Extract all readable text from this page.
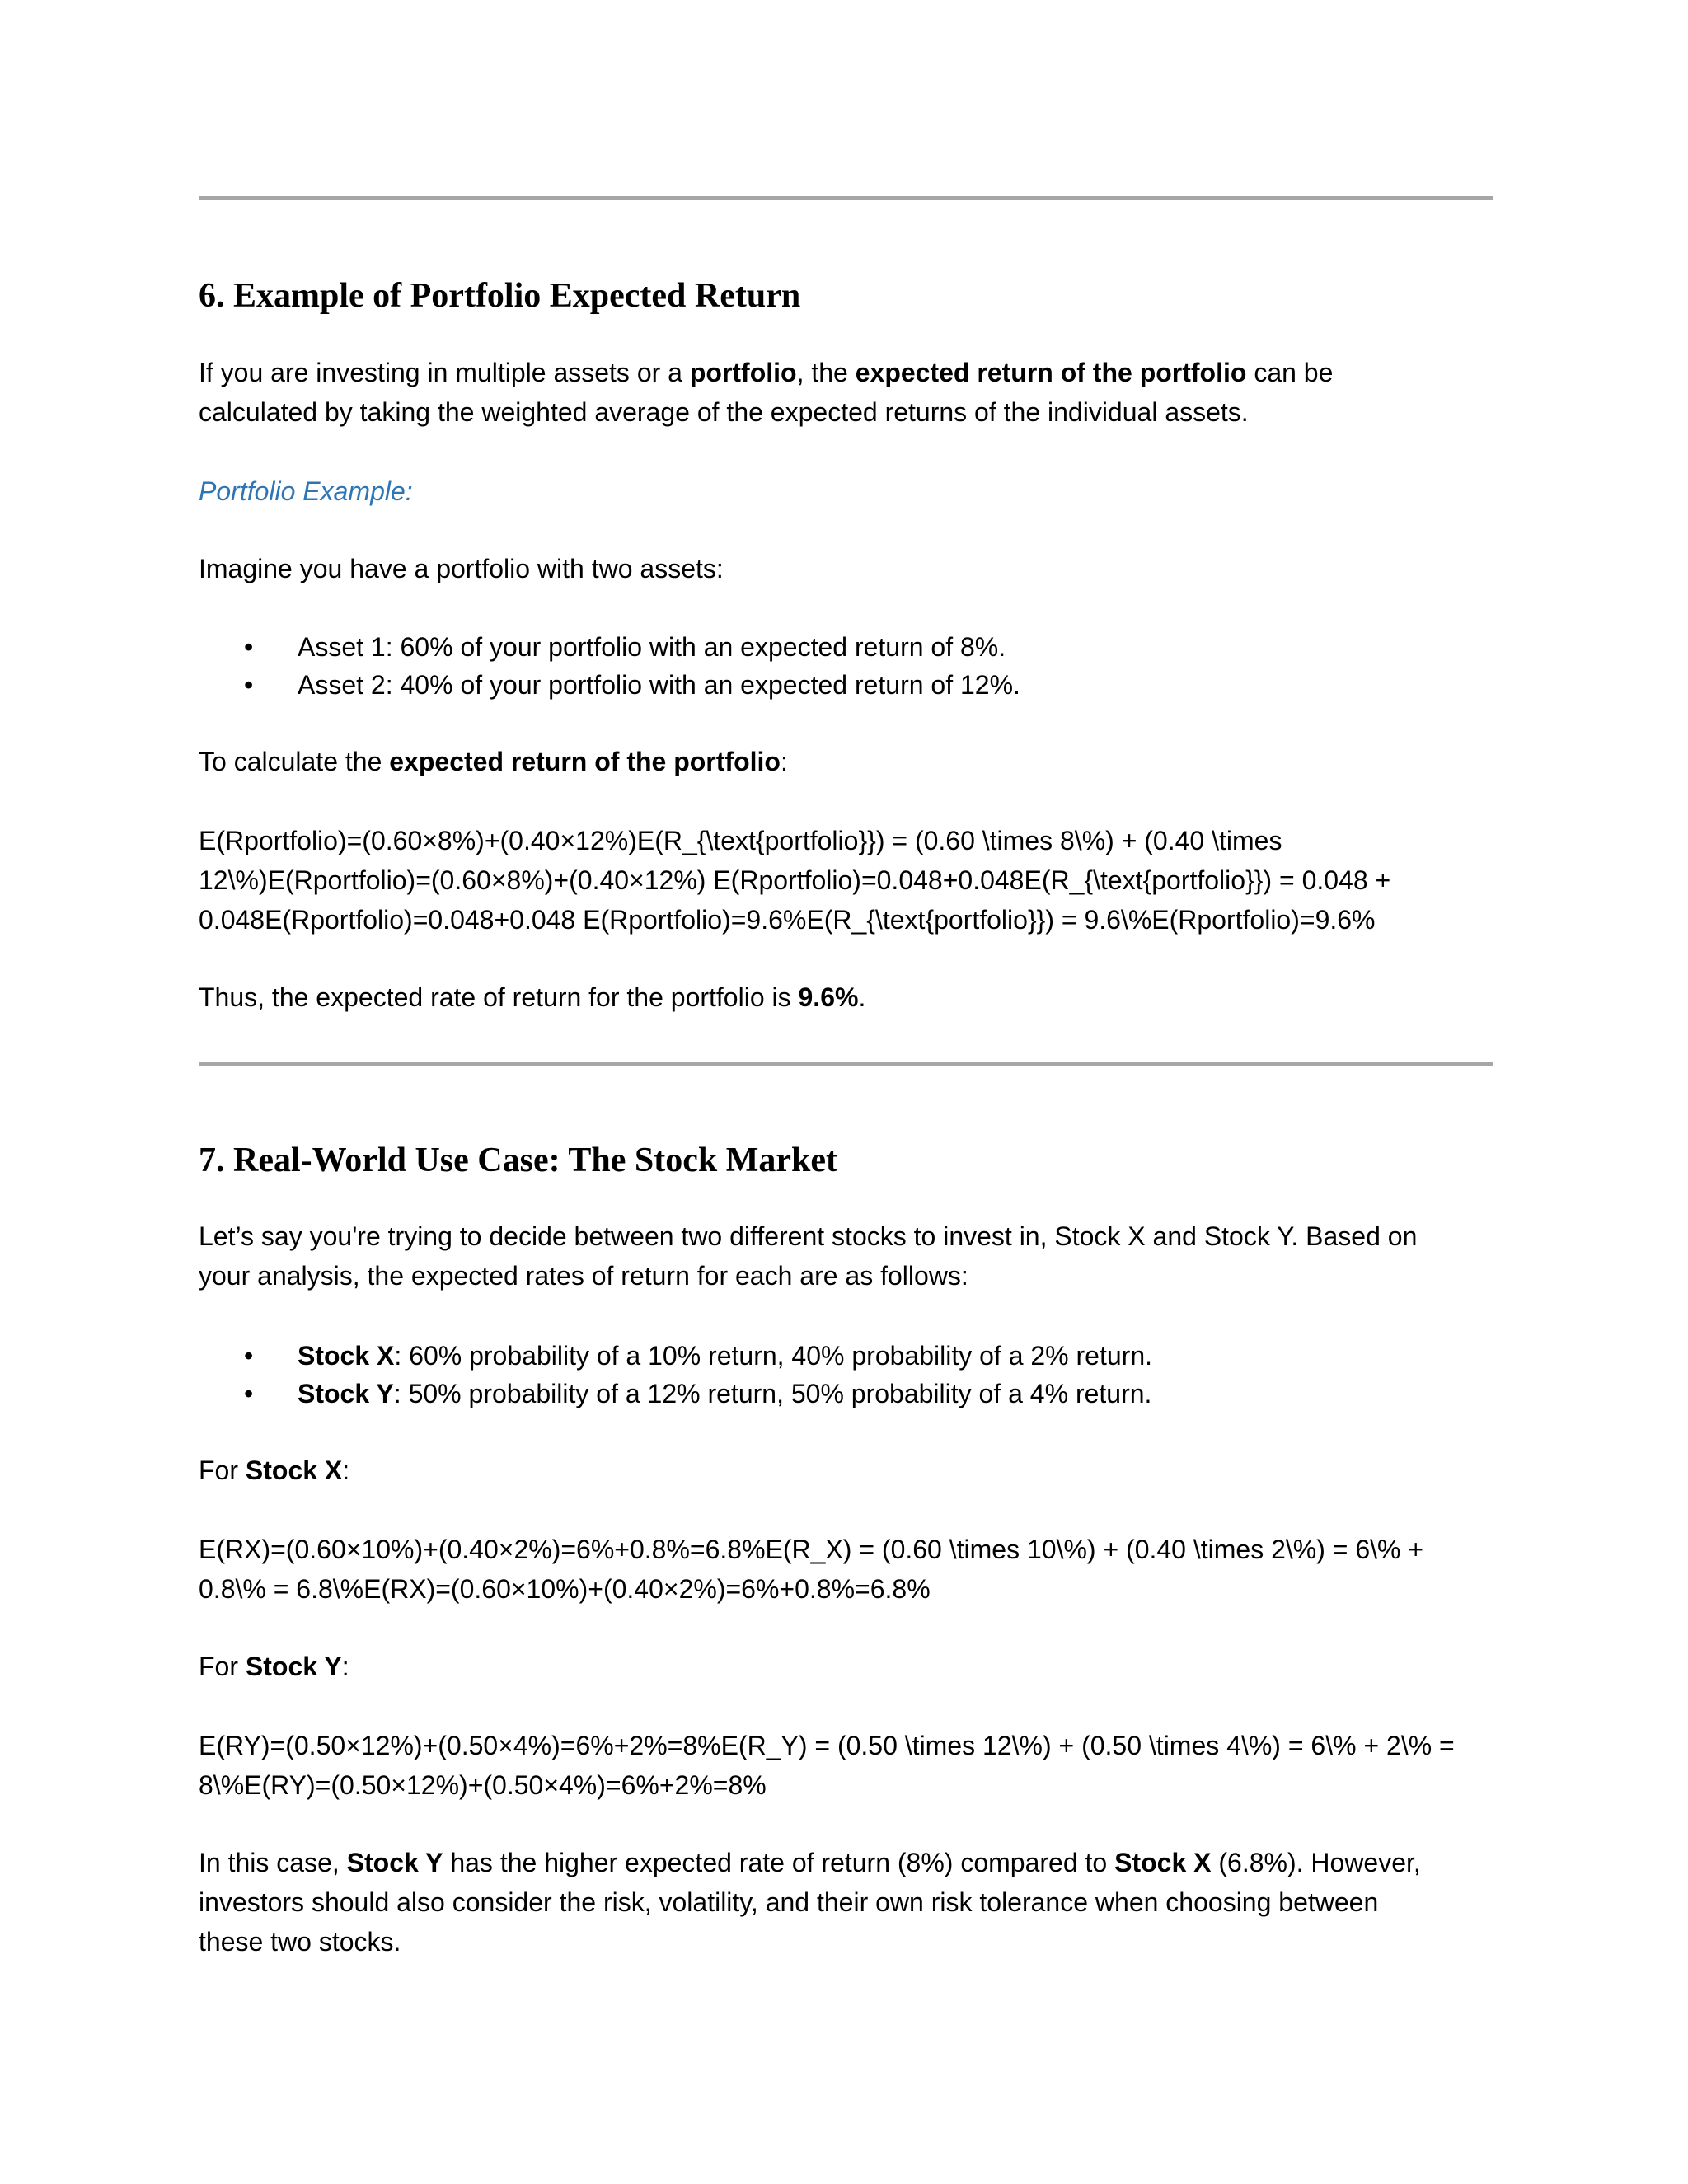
6. Example of Portfolio Expected Return

If you are investing in multiple assets or a portfolio, the expected return of the portfolio can be
calculated by taking the weighted average of the expected returns of the individual assets.

Portfolio Example:

Imagine you have a portfolio with two assets:

• Asset 1: 60% of your portfolio with an expected return of 8%.
• Asset 2: 40% of your portfolio with an expected return of 12%.

To calculate the expected return of the portfolio:

E(Rportfolio)=(0.60×8%)+(0.40×12%)E(R_{\text{portfolio}}) = (0.60 \times 8\%) + (0.40 \times
12\%)E(Rportfolio)=(0.60×8%)+(0.40×12%) E(Rportfolio)=0.048+0.048E(R_{\text{portfolio}}) = 0.048 +
0.048E(Rportfolio)=0.048+0.048 E(Rportfolio)=9.6%E(R_{\text{portfolio}}) = 9.6\%E(Rportfolio)=9.6%

Thus, the expected rate of return for the portfolio is 9.6%.

7. Real-World Use Case: The Stock Market

Let’s say you're trying to decide between two different stocks to invest in, Stock X and Stock Y. Based on
your analysis, the expected rates of return for each are as follows:

• Stock X: 60% probability of a 10% return, 40% probability of a 2% return.
• Stock Y: 50% probability of a 12% return, 50% probability of a 4% return.

For Stock X:

E(RX)=(0.60×10%)+(0.40×2%)=6%+0.8%=6.8%E(R_X) = (0.60 \times 10\%) + (0.40 \times 2\%) = 6\% +
0.8\% = 6.8\%E(RX)=(0.60×10%)+(0.40×2%)=6%+0.8%=6.8%

For Stock Y:

E(RY)=(0.50×12%)+(0.50×4%)=6%+2%=8%E(R_Y) = (0.50 \times 12\%) + (0.50 \times 4\%) = 6\% + 2\% =
8\%E(RY)=(0.50×12%)+(0.50×4%)=6%+2%=8%

In this case, Stock Y has the higher expected rate of return (8%) compared to Stock X (6.8%). However,
investors should also consider the risk, volatility, and their own risk tolerance when choosing between
these two stocks.
